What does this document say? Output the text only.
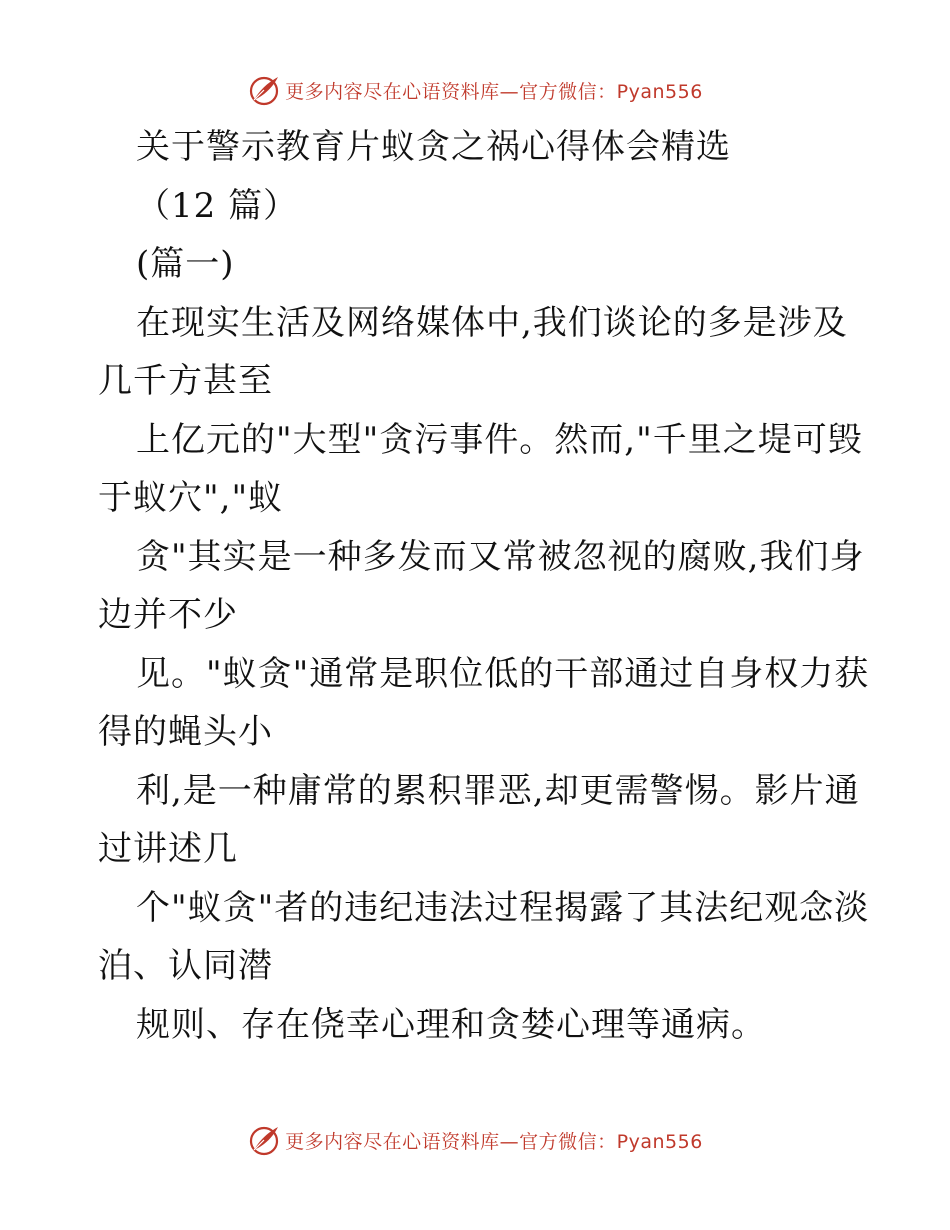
更多内容尽在心语资料库—官方微信：Pyan556
关于警示教育片蚁贪之祸心得体会精选
（12 篇）
(篇一)
在现实生活及网络媒体中,我们谈论的多是涉及
几千方甚至
上亿元的"大型"贪污事件。然而,"千里之堤可毁
于蚁穴","蚁
贪"其实是一种多发而又常被忽视的腐败,我们身
边并不少
见。"蚁贪"通常是职位低的干部通过自身权力获
得的蝇头小
利,是一种庸常的累积罪恶,却更需警惕。影片通
过讲述几
个"蚁贪"者的违纪违法过程揭露了其法纪观念淡
泊、认同潜
规则、存在侥幸心理和贪婪心理等通病。
更多内容尽在心语资料库—官方微信：Pyan556
